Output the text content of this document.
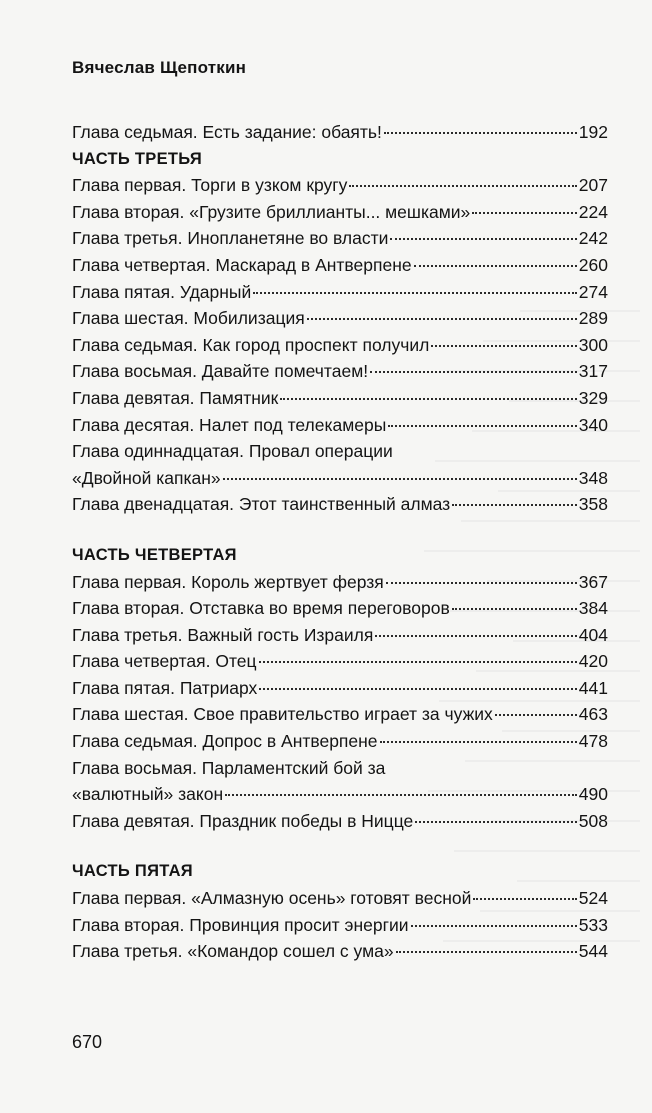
Вячеслав Щепоткин
Глава седьмая. Есть задание: обаять!	192
ЧАСТЬ ТРЕТЬЯ
Глава первая. Торги в узком кругу	207
Глава вторая. «Грузите бриллианты... мешками»	224
Глава третья. Инопланетяне во власти	242
Глава четвертая. Маскарад в Антверпене	260
Глава пятая. Ударный	274
Глава шестая. Мобилизация	289
Глава седьмая. Как город проспект получил	300
Глава восьмая. Давайте помечтаем!	317
Глава девятая. Памятник	329
Глава десятая. Налет под телекамеры	340
Глава одиннадцатая. Провал операции
«Двойной капкан»	348
Глава двенадцатая. Этот таинственный алмаз	358
ЧАСТЬ ЧЕТВЕРТАЯ
Глава первая. Король жертвует ферзя	367
Глава вторая. Отставка во время переговоров	384
Глава третья. Важный гость Израиля	404
Глава четвертая. Отец	420
Глава пятая. Патриарх	441
Глава шестая. Свое правительство играет за чужих	463
Глава седьмая. Допрос в Антверпене	478
Глава восьмая. Парламентский бой за
«валютный» закон	490
Глава девятая. Праздник победы в Ницце	508
ЧАСТЬ ПЯТАЯ
Глава первая. «Алмазную осень» готовят весной	524
Глава вторая. Провинция просит энергии	533
Глава третья. «Командор сошел с ума»	544
670
